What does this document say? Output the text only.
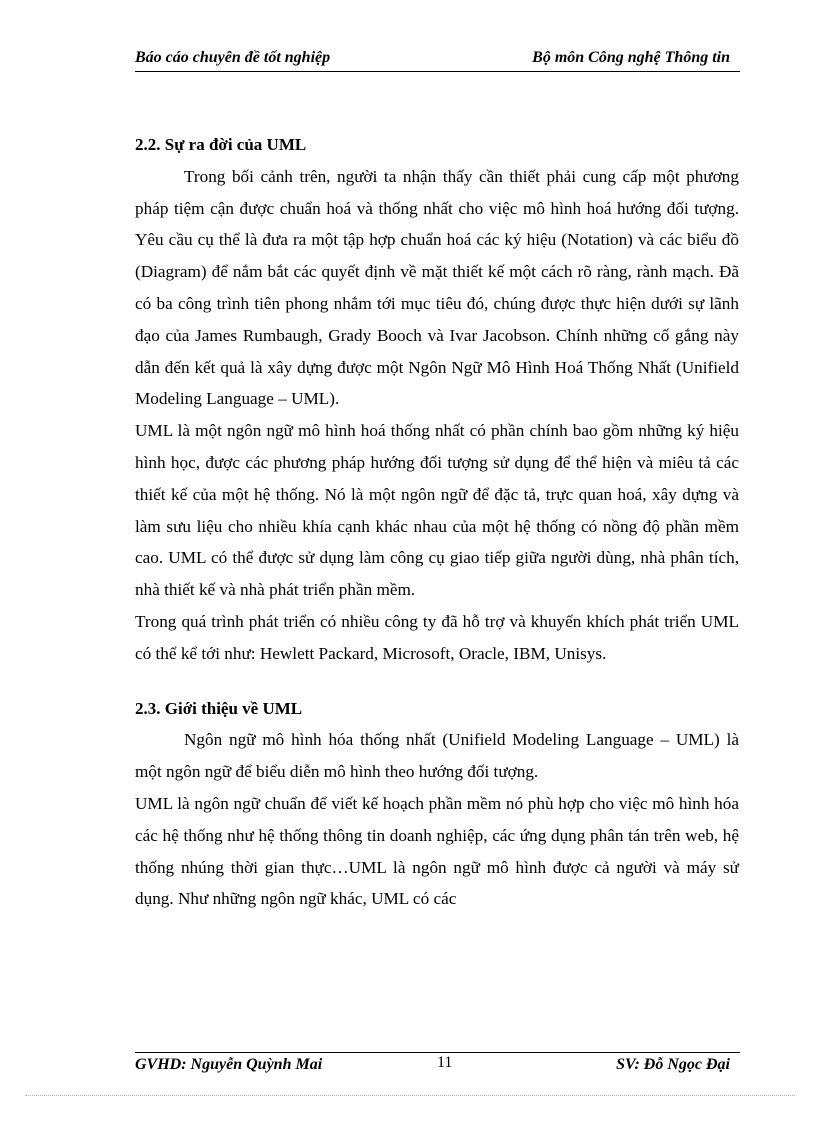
Báo cáo chuyên đề tốt nghiệp	Bộ môn Công nghệ Thông tin

2.2. Sự ra đời của UML

Trong bối cảnh trên, người ta nhận thấy cần thiết phải cung cấp một phương pháp tiệm cận được chuẩn hoá và thống nhất cho việc mô hình hoá hướng đối tượng. Yêu cầu cụ thể là đưa ra một tập hợp chuẩn hoá các ký hiệu (Notation) và các biểu đồ (Diagram) để nắm bắt các quyết định về mặt thiết kế một cách rõ ràng, rành mạch. Đã có ba công trình tiên phong nhắm tới mục tiêu đó, chúng được thực hiện dưới sự lãnh đạo của James Rumbaugh, Grady Booch và Ivar Jacobson. Chính những cố gắng này dẫn đến kết quả là xây dựng được một Ngôn Ngữ Mô Hình Hoá Thống Nhất (Unifield Modeling Language – UML).

UML là một ngôn ngữ mô hình hoá thống nhất có phần chính bao gồm những ký hiệu hình học, được các phương pháp hướng đối tượng sử dụng để thể hiện và miêu tả các thiết kế của một hệ thống. Nó là một ngôn ngữ để đặc tả, trực quan hoá, xây dựng và làm sưu liệu cho nhiều khía cạnh khác nhau của một hệ thống có nồng độ phần mềm cao. UML có thể được sử dụng làm công cụ giao tiếp giữa người dùng, nhà phân tích, nhà thiết kế và nhà phát triển phần mềm.

Trong quá trình phát triển có nhiều công ty đã hỗ trợ và khuyến khích phát triển UML có thể kể tới như: Hewlett Packard, Microsoft, Oracle, IBM, Unisys.

2.3. Giới thiệu về UML

Ngôn ngữ mô hình hóa thống nhất (Unifield Modeling Language – UML) là một ngôn ngữ để biểu diễn mô hình theo hướng đối tượng.

UML là ngôn ngữ chuẩn để viết kế hoạch phần mềm nó phù hợp cho việc mô hình hóa các hệ thống như hệ thống thông tin doanh nghiệp, các ứng dụng phân tán trên web, hệ thống nhúng thời gian thực…UML là ngôn ngữ mô hình được cả người và máy sử dụng. Như những ngôn ngữ khác, UML có các

GVHD: Nguyễn Quỳnh Mai	11	SV: Đỗ Ngọc Đại
